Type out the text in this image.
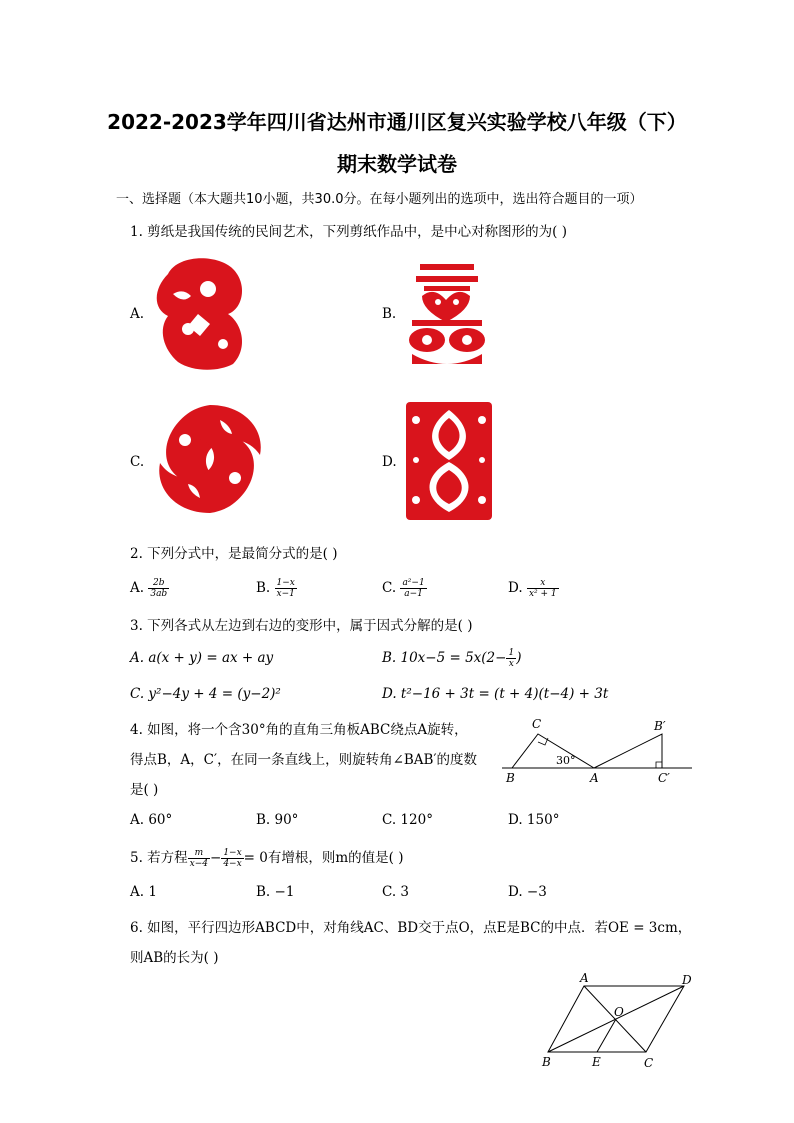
2022-2023学年四川省达州市通川区复兴实验学校八年级（下）
期末数学试卷
一、选择题（本大题共10小题，共30.0分。在每小题列出的选项中，选出符合题目的一项）
1. 剪纸是我国传统的民间艺术，下列剪纸作品中，是中心对称图形的为( )
A.	B.
C.	D.
2. 下列分式中，是最简分式的是( )
A. $\frac{2b}{3ab}$	B. $\frac{1-x}{x-1}$	C. $\frac{\text{a²−1}}{a-1}$	D. $\frac{x}{\text{x² + 1}}$
3. 下列各式从左边到右边的变形中，属于因式分解的是( )
A. a(x + y) = ax + ay	B. $10x-5 = 5x(2- \frac{1}{x}$ )
C. y²−4y + 4 = (y−2)²	D. t²−16 + 3t = (t + 4)(t−4) + 3t
4. 如图，将一个含30°角的直角三角板ABC绕点A旋转，
得点B，A，C′，在同一条直线上，则旋转角∠BAB′的度数
是( )
C	B′
B	A	C′
30°
A. 60°	B. 90°	C. 120°	D. 150°
5. 若方程 $\frac{m}{x-4} - \frac{1-x}{4-x} = 0$有增根，则m的值是( )
A. 1	B. −1	C. 3	D. −3
6. 如图，平行四边形ABCD中，对角线AC、BD交于点O，点E是BC的中点．若OE = 3cm，
则AB的长为( )
A	D
O
B	E	C
